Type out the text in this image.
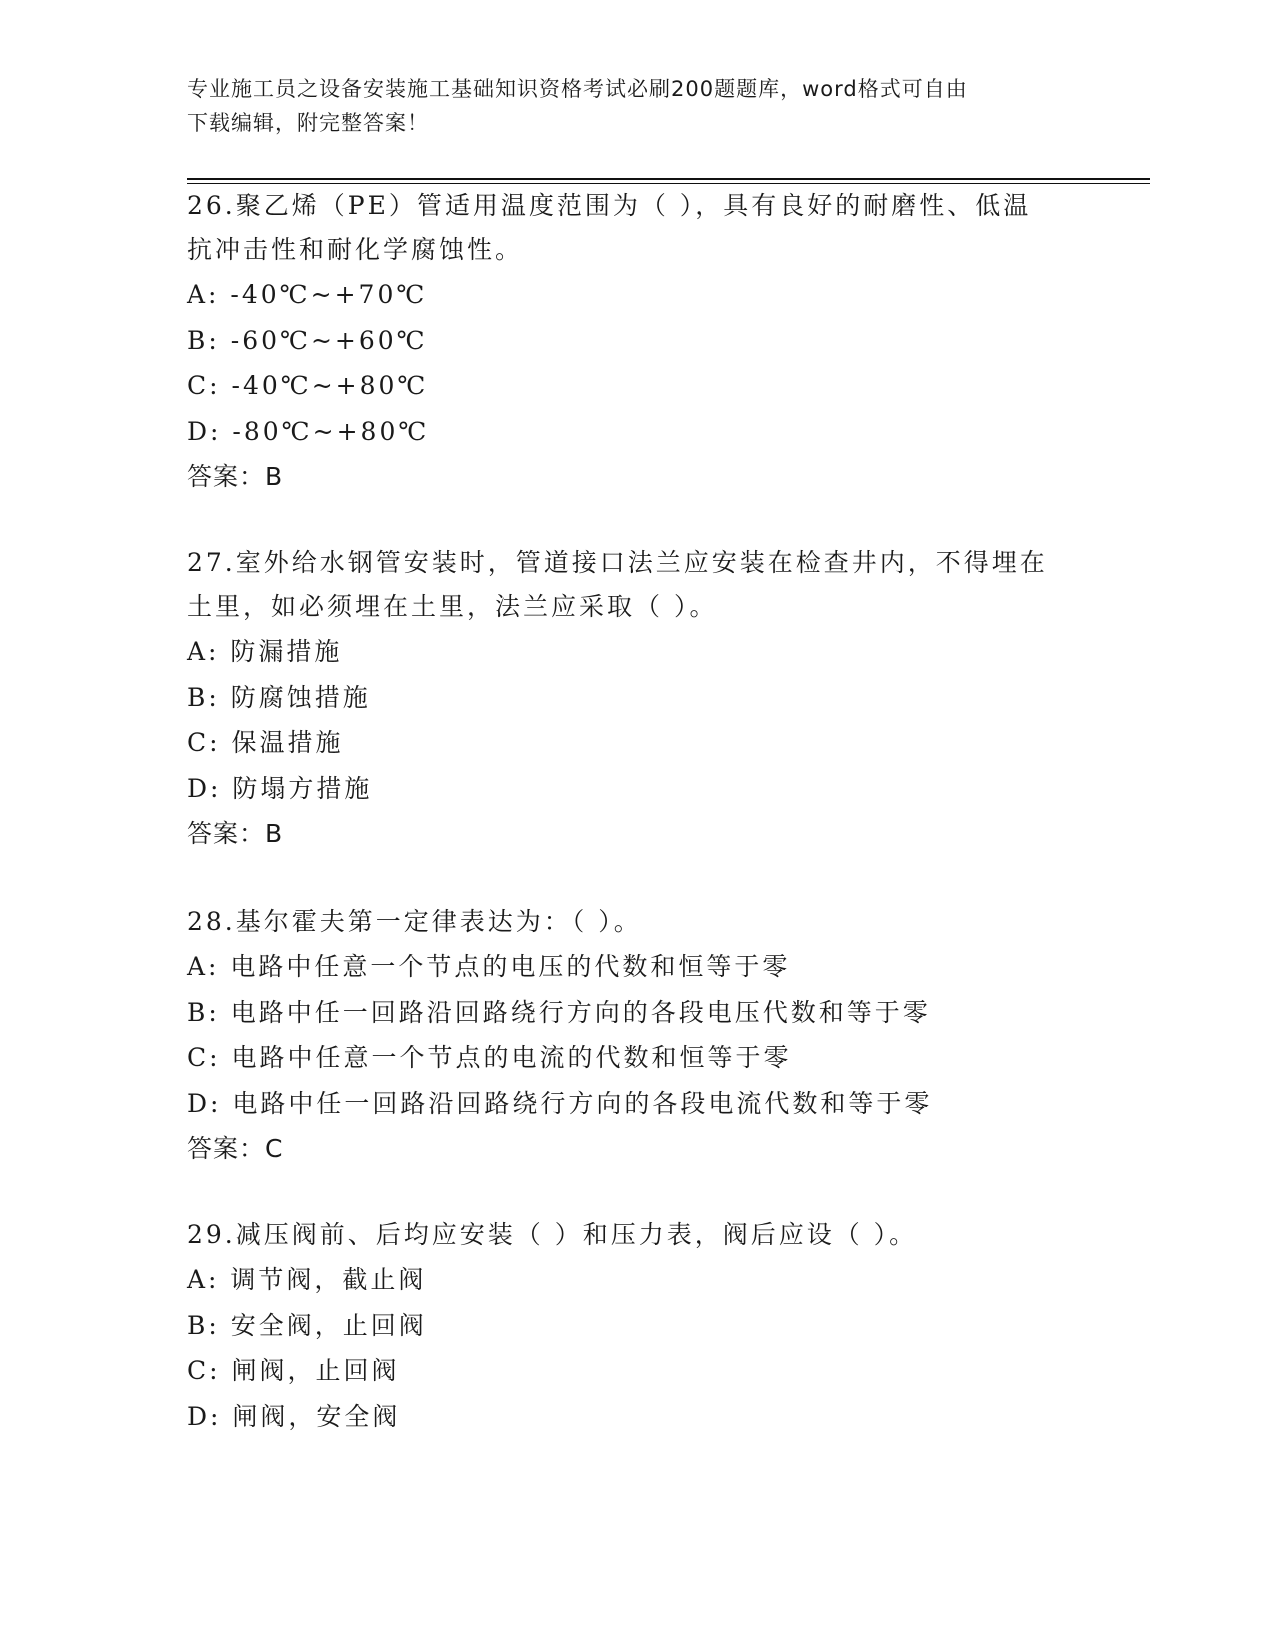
专业施工员之设备安装施工基础知识资格考试必刷200题题库，word格式可自由
下载编辑，附完整答案！
26.聚乙烯（PE）管适用温度范围为（ ），具有良好的耐磨性、低温
抗冲击性和耐化学腐蚀性。
A: -40℃~+70℃
B: -60℃~+60℃
C: -40℃~+80℃
D: -80℃~+80℃
答案：B
27.室外给水钢管安装时，管道接口法兰应安装在检查井内，不得埋在
土里，如必须埋在土里，法兰应采取（ ）。
A: 防漏措施
B: 防腐蚀措施
C: 保温措施
D: 防塌方措施
答案：B
28.基尔霍夫第一定律表达为：（ ）。
A: 电路中任意一个节点的电压的代数和恒等于零
B: 电路中任一回路沿回路绕行方向的各段电压代数和等于零
C: 电路中任意一个节点的电流的代数和恒等于零
D: 电路中任一回路沿回路绕行方向的各段电流代数和等于零
答案：C
29.减压阀前、后均应安装（ ）和压力表，阀后应设（ ）。
A: 调节阀，截止阀
B: 安全阀，止回阀
C: 闸阀，止回阀
D: 闸阀，安全阀
